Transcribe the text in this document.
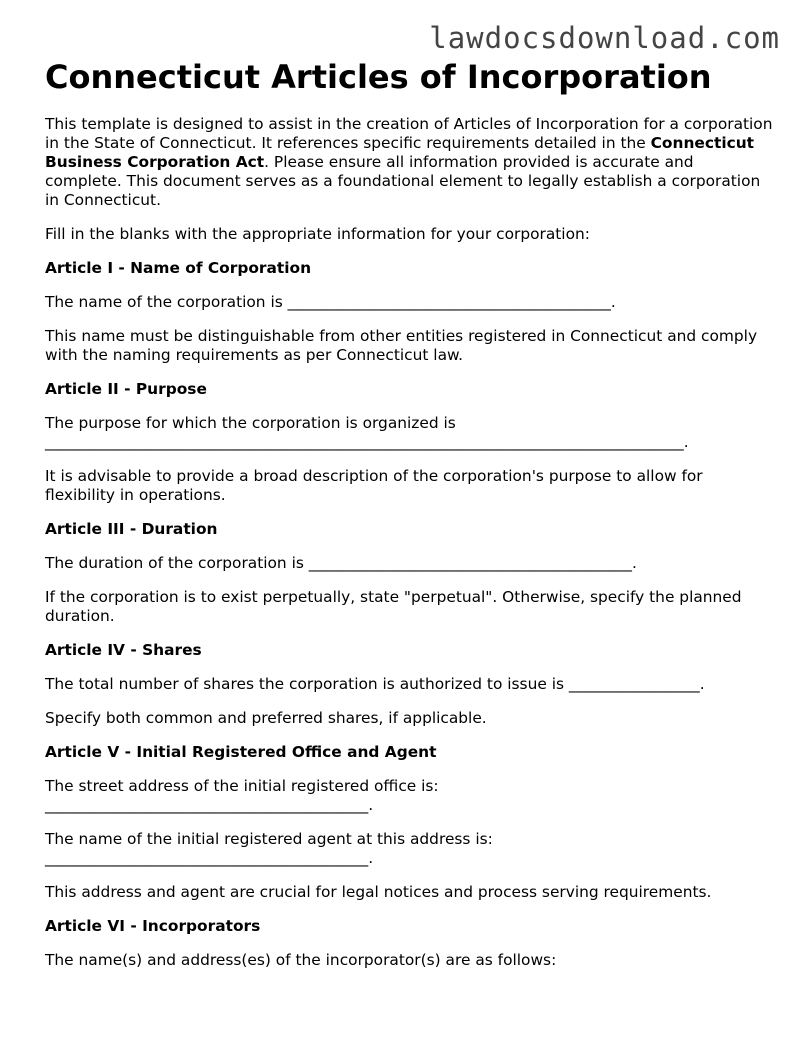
lawdocsdownload.com
Connecticut Articles of Incorporation

This template is designed to assist in the creation of Articles of Incorporation for a corporation in the State of Connecticut. It references specific requirements detailed in the Connecticut Business Corporation Act. Please ensure all information provided is accurate and complete. This document serves as a foundational element to legally establish a corporation in Connecticut.

Fill in the blanks with the appropriate information for your corporation:

Article I - Name of Corporation

The name of the corporation is __________________________________________.

This name must be distinguishable from other entities registered in Connecticut and comply with the naming requirements as per Connecticut law.

Article II - Purpose

The purpose for which the corporation is organized is
___________________________________________________________________________________.

It is advisable to provide a broad description of the corporation's purpose to allow for flexibility in operations.

Article III - Duration

The duration of the corporation is __________________________________________.

If the corporation is to exist perpetually, state "perpetual". Otherwise, specify the planned duration.

Article IV - Shares

The total number of shares the corporation is authorized to issue is _________________.

Specify both common and preferred shares, if applicable.

Article V - Initial Registered Office and Agent

The street address of the initial registered office is:
__________________________________________.

The name of the initial registered agent at this address is:
__________________________________________.

This address and agent are crucial for legal notices and process serving requirements.

Article VI - Incorporators

The name(s) and address(es) of the incorporator(s) are as follows:
